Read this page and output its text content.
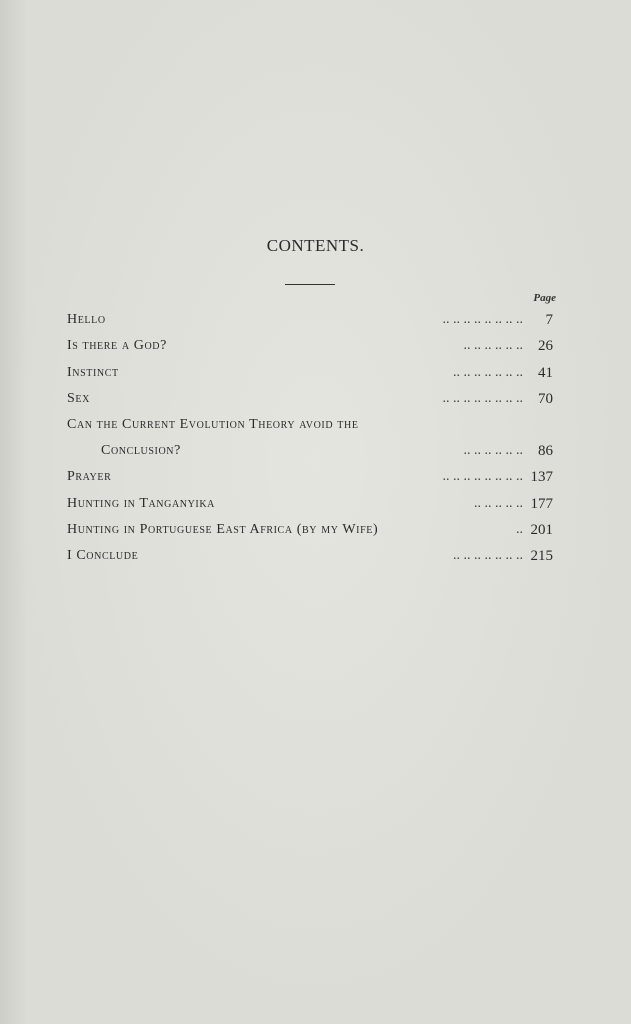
CONTENTS.
Page
Hello	.. .. .. .. .. .. .. .. 7
Is there a God?	.. .. .. .. .. .. 26
Instinct	.. .. .. .. .. .. .. 41
Sex	.. .. .. .. .. .. .. .. 70
Can the Current Evolution Theory avoid the
Conclusion?	.. .. .. .. .. .. 86
Prayer	.. .. .. .. .. .. .. .. 137
Hunting in Tanganyika	.. .. .. .. .. 177
Hunting in Portuguese East Africa (by my Wife)	.. 201
I Conclude	.. .. .. .. .. .. .. 215
